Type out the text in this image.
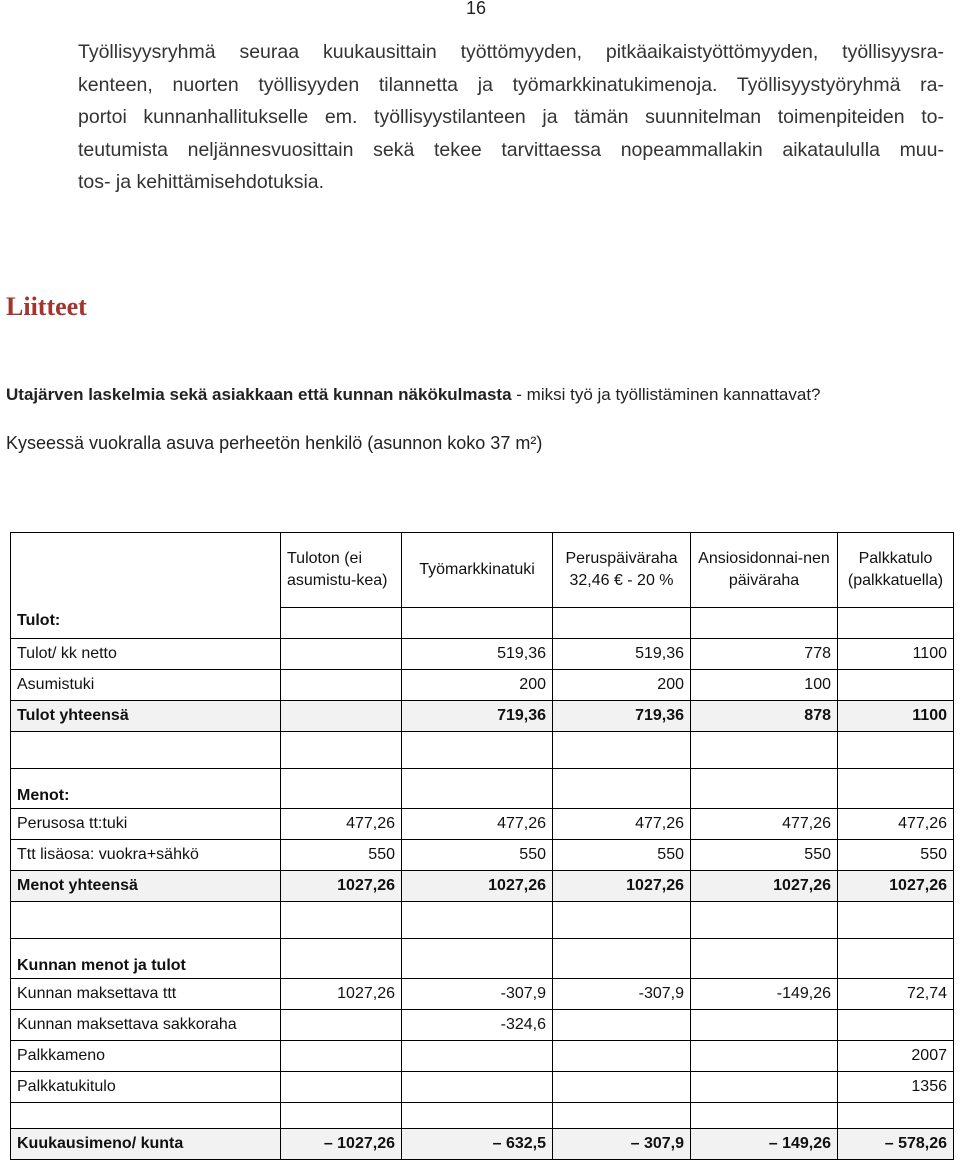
16
Työllisyysryhmä seuraa kuukausittain työttömyyden, pitkäaikaistyöttömyyden, työllisyysra-
kenteen, nuorten työllisyyden tilannetta ja työmarkkinatukimenoja. Työllisyystyöryhmä ra-
portoi kunnanhallitukselle em. työllisyystilanteen ja tämän suunnitelman toimenpiteiden to-
teutumista neljännesvuosittain sekä tekee tarvittaessa nopeammallakin aikataululla muu-
tos- ja kehittämisehdotuksia.
Liitteet
Utajärven laskelmia sekä asiakkaan että kunnan näkökulmasta - miksi työ ja työllistäminen kannattavat?
Kyseessä vuokralla asuva perheetön henkilö (asunnon koko 37 m²)
Tulot:	Tuloton (ei asumistu-kea)	Työmarkkinatuki	Peruspäiväraha 32,46 € - 20 %	Ansiosidonnai-nen päiväraha	Palkkatulo (palkkatuella)

Tulot/ kk netto		519,36	519,36	778	1100
Asumistuki		200	200	100	
Tulot yhteensä		719,36	719,36	878	1100

Menot:					
Perusosa tt:tuki	477,26	477,26	477,26	477,26	477,26
Ttt lisäosa: vuokra+sähkö	550	550	550	550	550
Menot yhteensä	1027,26	1027,26	1027,26	1027,26	1027,26

Kunnan menot ja tulot					
Kunnan maksettava ttt	1027,26	-307,9	-307,9	-149,26	72,74
Kunnan maksettava sakkoraha		-324,6			
Palkkameno					2007
Palkkatukitulo					1356

Kuukausimeno/ kunta	– 1027,26	– 632,5	– 307,9	– 149,26	– 578,26
